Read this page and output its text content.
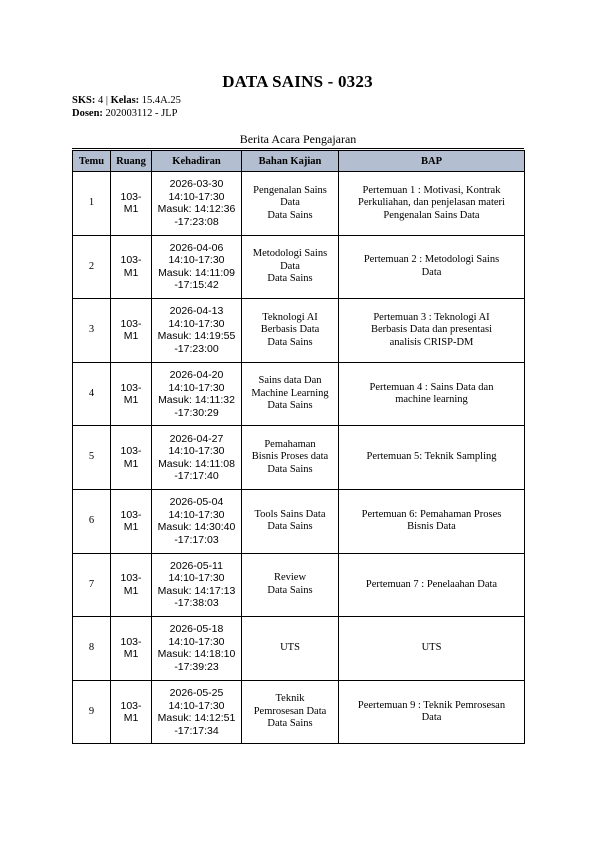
DATA SAINS - 0323
SKS: 4 | Kelas: 15.4A.25
Dosen: 202003112 - JLP
Berita Acara Pengajaran
Temu	Ruang	Kehadiran	Bahan Kajian	BAP
1	103-
M1	2026-03-30
14:10-17:30
Masuk: 14:12:36
-17:23:08	Pengenalan Sains
Data
Data Sains	Pertemuan 1 : Motivasi, Kontrak
Perkuliahan, dan penjelasan materi
Pengenalan Sains Data

2	103-
M1	2026-04-06
14:10-17:30
Masuk: 14:11:09
-17:15:42	Metodologi Sains
Data
Data Sains	Pertemuan 2 : Metodologi Sains
Data

3	103-
M1	2026-04-13
14:10-17:30
Masuk: 14:19:55
-17:23:00	Teknologi AI
Berbasis Data
Data Sains	Pertemuan 3 : Teknologi AI
Berbasis Data dan presentasi
analisis CRISP-DM

4	103-
M1	2026-04-20
14:10-17:30
Masuk: 14:11:32
-17:30:29	Sains data Dan
Machine Learning
Data Sains	Pertemuan 4 : Sains Data dan
machine learning

5	103-
M1	2026-04-27
14:10-17:30
Masuk: 14:11:08
-17:17:40	Pemahaman
Bisnis Proses data
Data Sains	Pertemuan 5: Teknik Sampling

6	103-
M1	2026-05-04
14:10-17:30
Masuk: 14:30:40
-17:17:03	Tools Sains Data
Data Sains	Pertemuan 6: Pemahaman Proses
Bisnis Data

7	103-
M1	2026-05-11
14:10-17:30
Masuk: 14:17:13
-17:38:03	Review
Data Sains	Pertemuan 7 : Penelaahan Data

8	103-
M1	2026-05-18
14:10-17:30
Masuk: 14:18:10
-17:39:23	UTS	UTS

9	103-
M1	2026-05-25
14:10-17:30
Masuk: 14:12:51
-17:17:34	Teknik
Pemrosesan Data
Data Sains	Peertemuan 9 : Teknik Pemrosesan
Data
